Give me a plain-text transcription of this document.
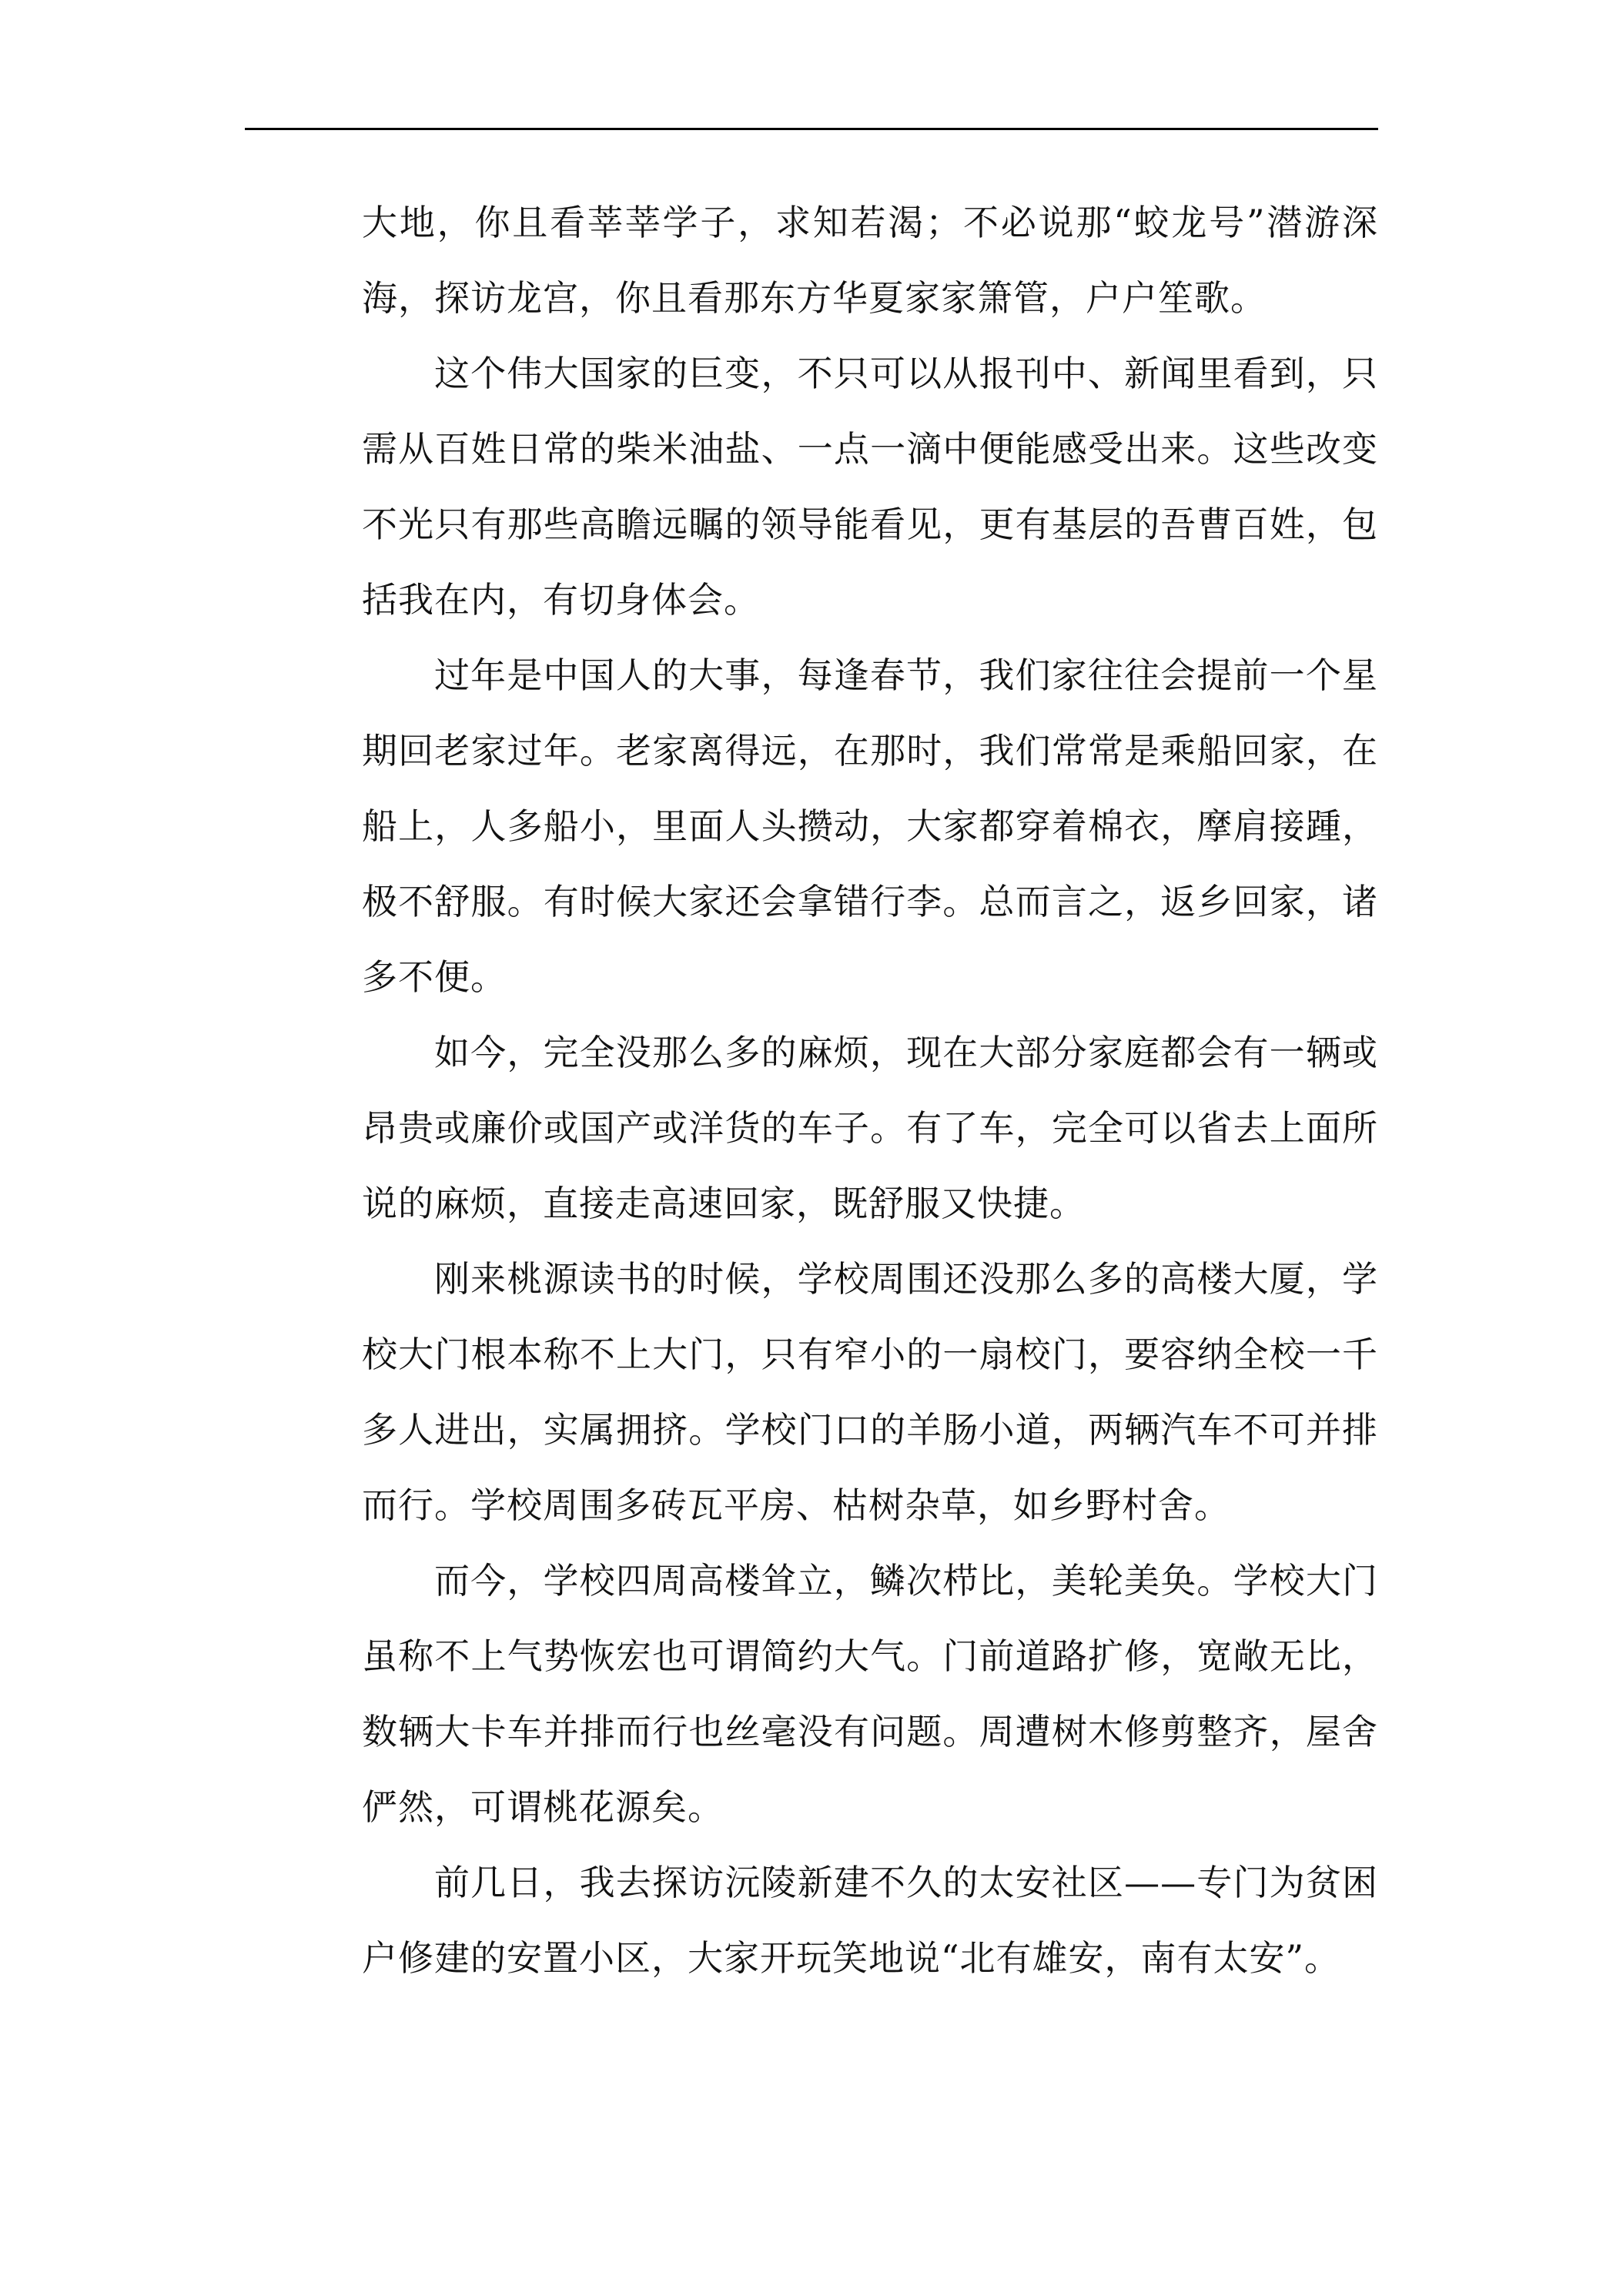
大地，你且看莘莘学子，求知若渴；不必说那“蛟龙号”潜游深海，探访龙宫，你且看那东方华夏家家箫管，户户笙歌。

这个伟大国家的巨变，不只可以从报刊中、新闻里看到，只需从百姓日常的柴米油盐、一点一滴中便能感受出来。这些改变不光只有那些高瞻远瞩的领导能看见，更有基层的吾曹百姓，包括我在内，有切身体会。

过年是中国人的大事，每逢春节，我们家往往会提前一个星期回老家过年。老家离得远，在那时，我们常常是乘船回家，在船上，人多船小，里面人头攒动，大家都穿着棉衣，摩肩接踵，极不舒服。有时候大家还会拿错行李。总而言之，返乡回家，诸多不便。

如今，完全没那么多的麻烦，现在大部分家庭都会有一辆或昂贵或廉价或国产或洋货的车子。有了车，完全可以省去上面所说的麻烦，直接走高速回家，既舒服又快捷。

刚来桃源读书的时候，学校周围还没那么多的高楼大厦，学校大门根本称不上大门，只有窄小的一扇校门，要容纳全校一千多人进出，实属拥挤。学校门口的羊肠小道，两辆汽车不可并排而行。学校周围多砖瓦平房、枯树杂草，如乡野村舍。

而今，学校四周高楼耸立，鳞次栉比，美轮美奂。学校大门虽称不上气势恢宏也可谓简约大气。门前道路扩修，宽敞无比，数辆大卡车并排而行也丝毫没有问题。周遭树木修剪整齐，屋舍俨然，可谓桃花源矣。

前几日，我去探访沅陵新建不久的太安社区——专门为贫困户修建的安置小区，大家开玩笑地说“北有雄安，南有太安”。
